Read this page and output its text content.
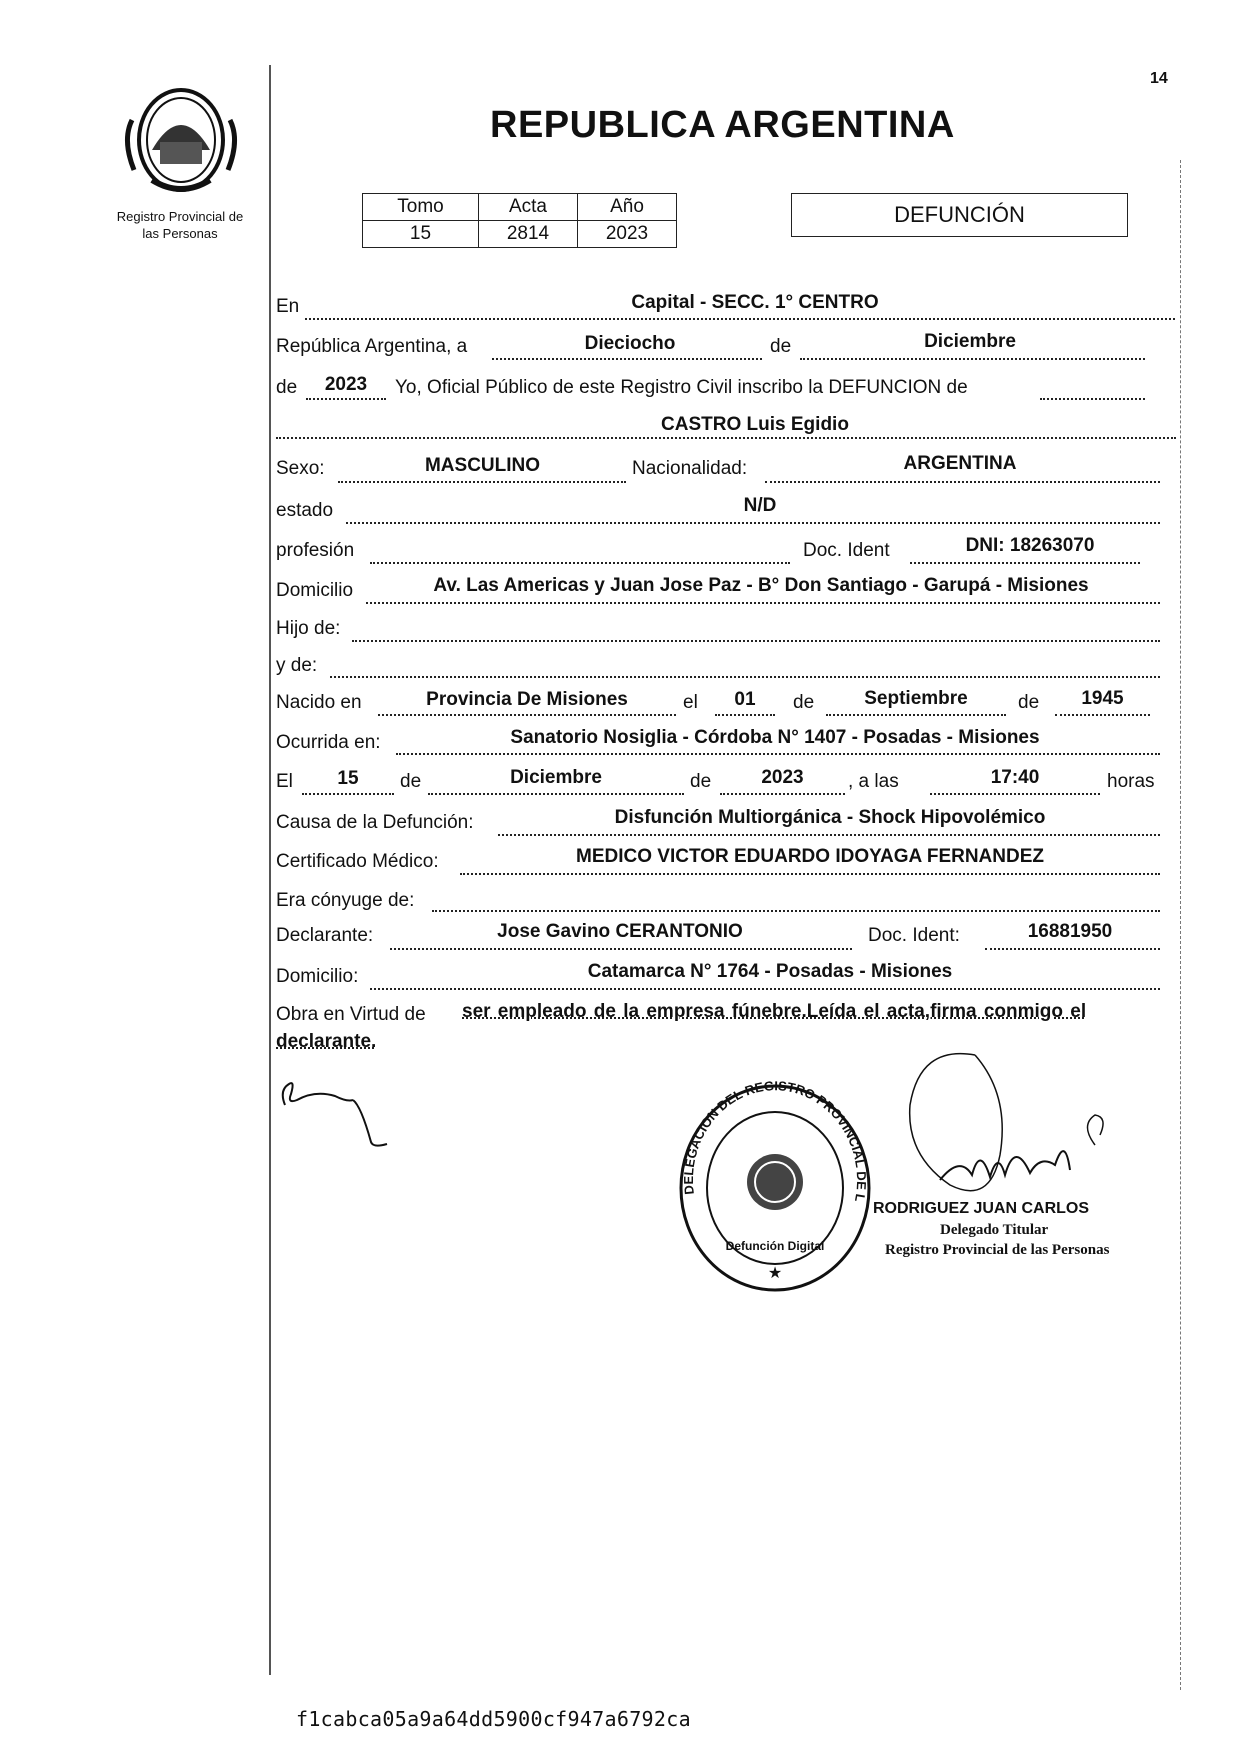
Registro Provincial de
las Personas
14
REPUBLICA ARGENTINA
Tomo	Acta	Año
15	2814	2023
DEFUNCIÓN
En	Capital - SECC. 1° CENTRO
República Argentina, a	Dieciocho	de	Diciembre
de	2023	Yo, Oficial Público de este Registro Civil inscribo la DEFUNCION de
CASTRO Luis Egidio
Sexo:	MASCULINO	Nacionalidad:	ARGENTINA
estado	N/D
profesión	Doc. Ident	DNI: 18263070
Domicilio	Av. Las Americas y Juan Jose Paz - B° Don Santiago - Garupá - Misiones
Hijo de:
y de:
Nacido en	Provincia De Misiones	el	01	de	Septiembre	de	1945
Ocurrida en:	Sanatorio Nosiglia - Córdoba N° 1407 - Posadas - Misiones
El	15	de	Diciembre	de	2023	, a las	17:40	horas
Causa de la Defunción:	Disfunción Multiorgánica - Shock Hipovolémico
Certificado Médico:	MEDICO VICTOR EDUARDO IDOYAGA FERNANDEZ
Era cónyuge de:
Declarante:	Jose Gavino CERANTONIO	Doc. Ident:	16881950
Domicilio:	Catamarca N° 1764 - Posadas - Misiones
Obra en Virtud de ser empleado de la empresa fúnebre.Leída el acta,firma conmigo el
declarante.
DELEGACION DEL REGISTRO PROVINCIAL DE L
Defunción Digital
★
RODRIGUEZ JUAN CARLOS
Delegado Titular
Registro Provincial de las Personas
f1cabca05a9a64dd5900cf947a6792ca
